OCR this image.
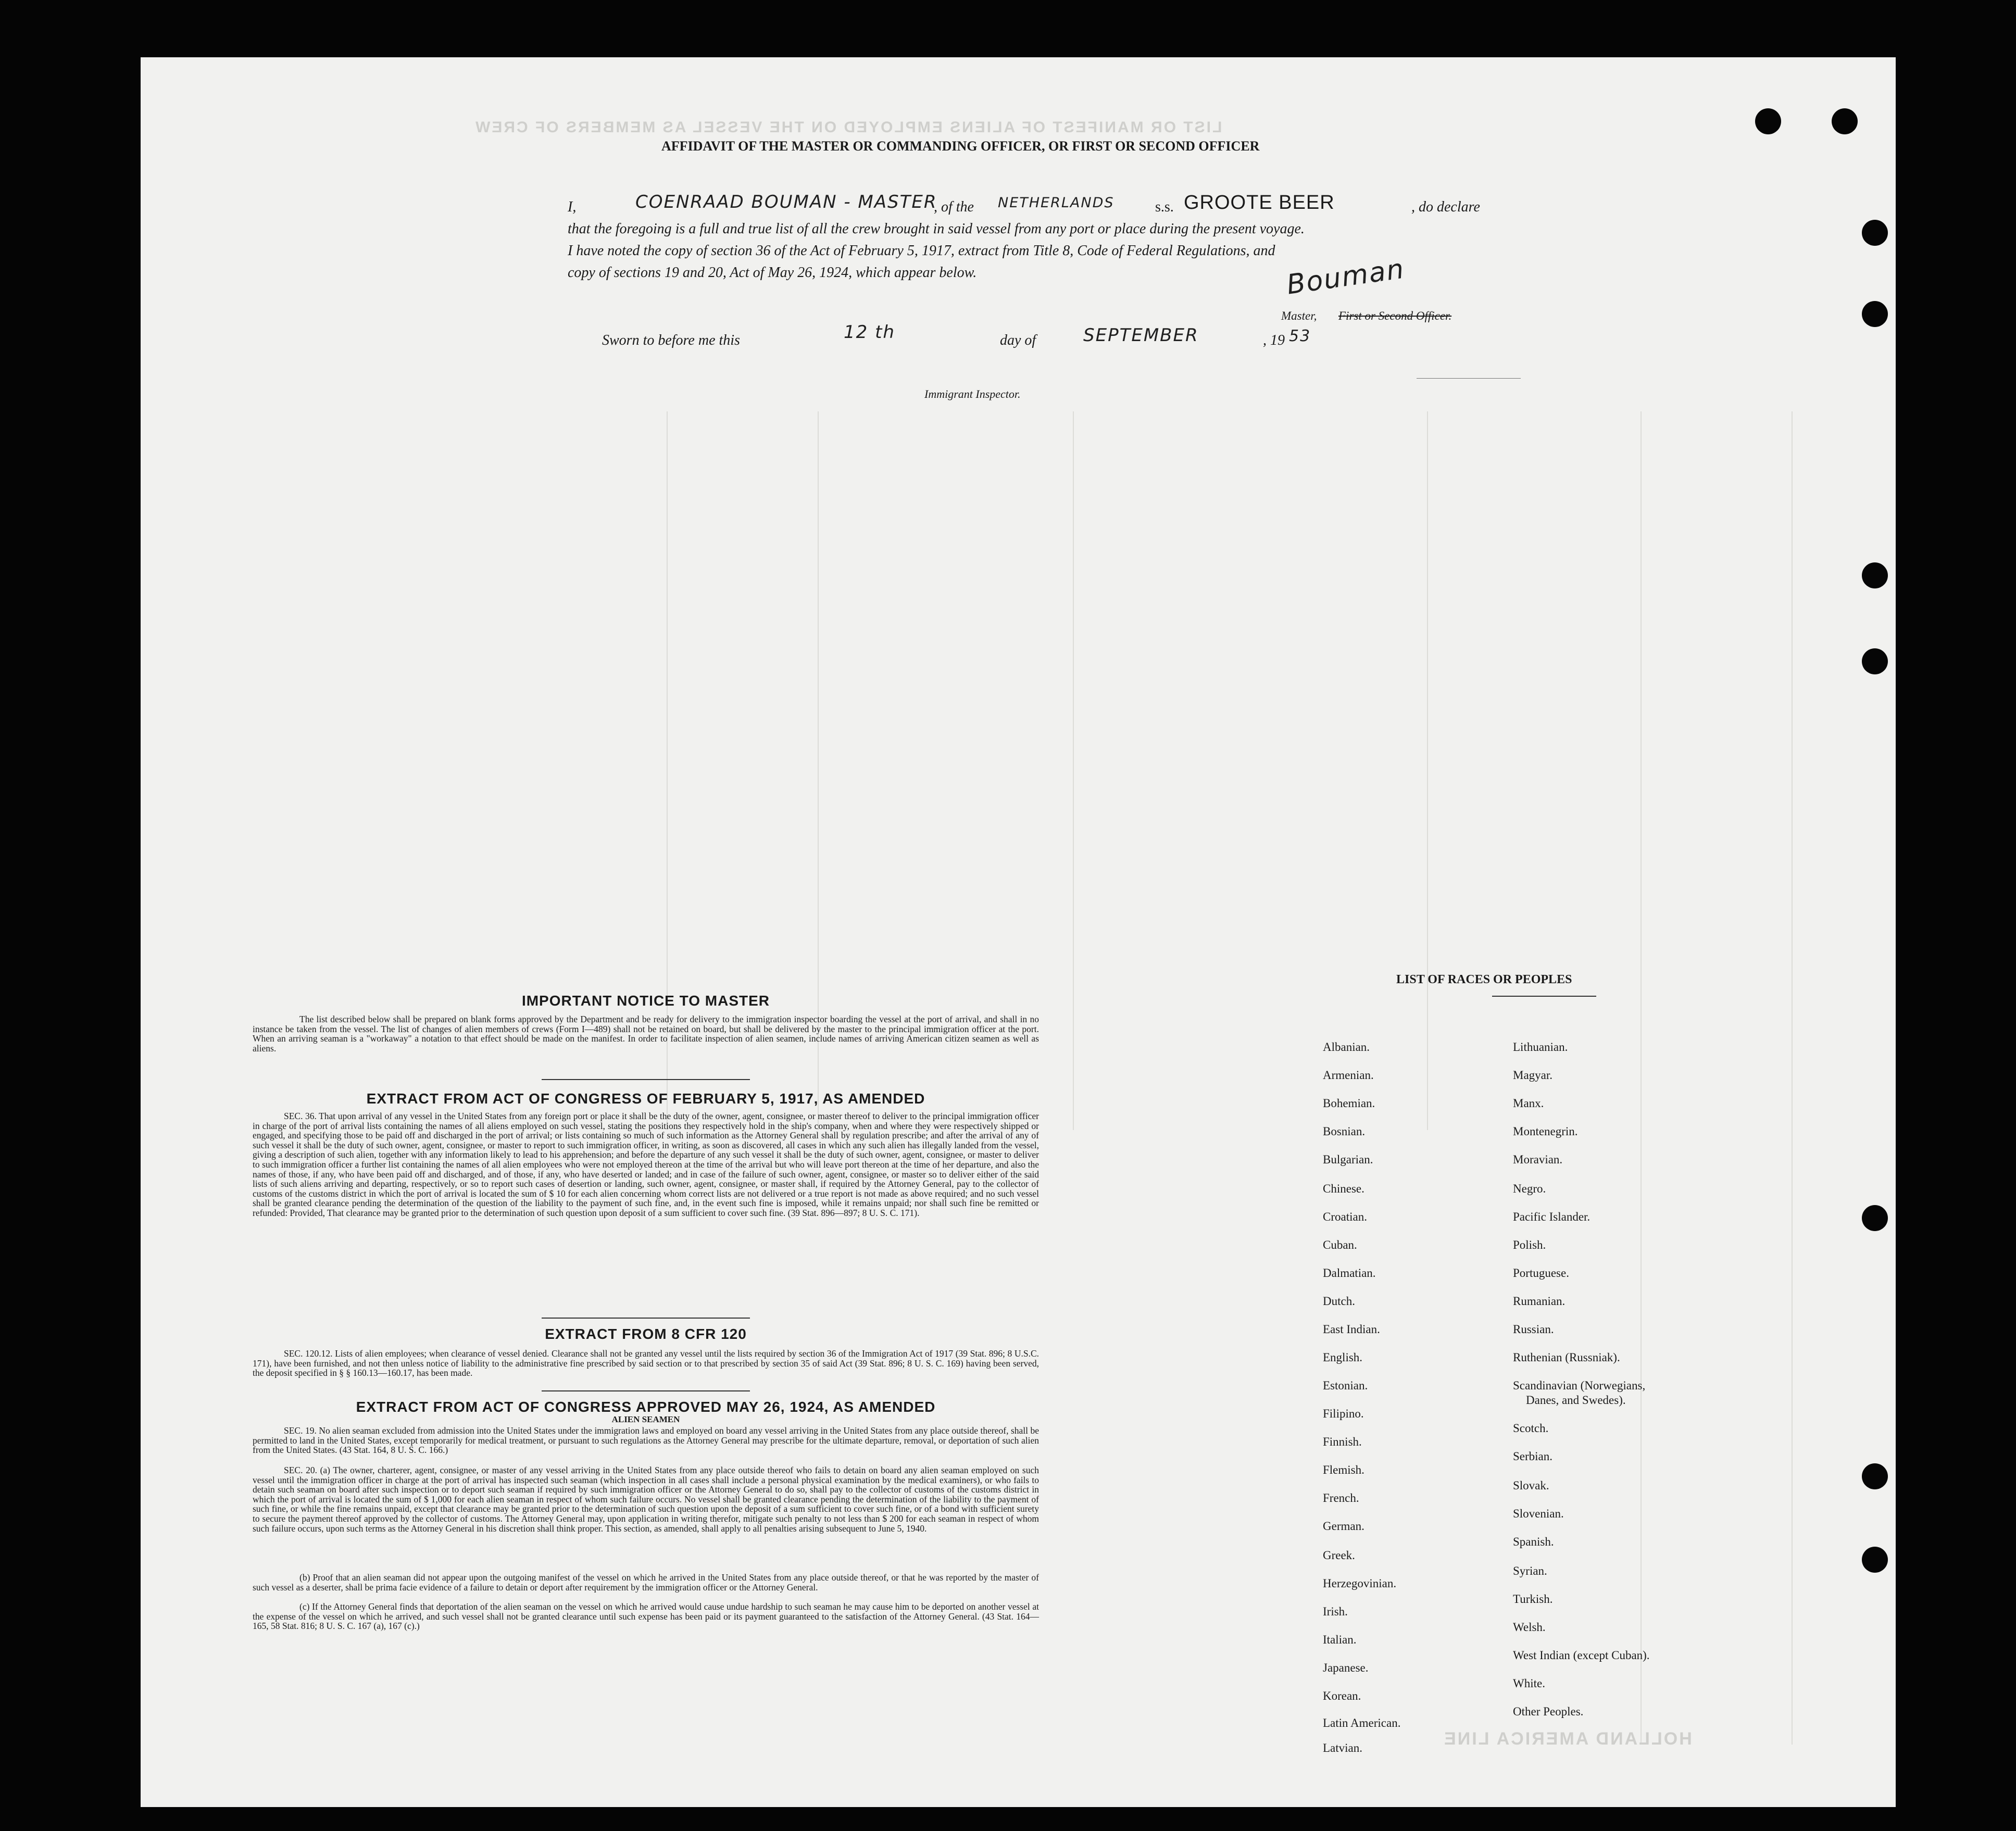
LIST OR MANIFEST OF ALIENS EMPLOYED ON THE VESSEL AS MEMBERS OF CREW
HOLLAND AMERICA LINE
AFFIDAVIT OF THE MASTER OR COMMANDING OFFICER, OR FIRST OR SECOND OFFICER
I,	COENRAAD BOUMAN - MASTER
, of the NETHERLANDS	s.s. GROOTE BEER	, do declare
that the foregoing is a full and true list of all the crew brought in said vessel from any port or place during the present voyage.
I have noted the copy of section 36 of the Act of February 5, 1917, extract from Title 8, Code of Federal Regulations, and
copy of sections 19 and 20, Act of May 26, 1924, which appear below.	Bouman
Master, First or Second Officer.
Sworn to before me this	12 th	day of	SEPTEMBER	, 19 53
Immigrant Inspector.
IMPORTANT NOTICE TO MASTER
The list described below shall be prepared on blank forms approved by the Department and be ready for delivery to the immigration inspector boarding the vessel at the port of arrival, and shall in no instance be taken from the vessel. The list of changes of alien members of crews (Form I—489) shall not be retained on board, but shall be delivered by the master to the principal immigration officer at the port. When an arriving seaman is a "workaway" a notation to that effect should be made on the manifest. In order to facilitate inspection of alien seamen, include names of arriving American citizen seamen as well as aliens.
EXTRACT FROM ACT OF CONGRESS OF FEBRUARY 5, 1917, AS AMENDED
SEC. 36. That upon arrival of any vessel in the United States from any foreign port or place it shall be the duty of the owner, agent, consignee, or master thereof to deliver to the principal immigration officer in charge of the port of arrival lists containing the names of all aliens employed on such vessel, stating the positions they respectively hold in the ship's company, when and where they were respectively shipped or engaged, and specifying those to be paid off and discharged in the port of arrival; or lists containing so much of such information as the Attorney General shall by regulation prescribe; and after the arrival of any of such vessel it shall be the duty of such owner, agent, consignee, or master to report to such immigration officer, in writing, as soon as discovered, all cases in which any such alien has illegally landed from the vessel, giving a description of such alien, together with any information likely to lead to his apprehension; and before the departure of any such vessel it shall be the duty of such owner, agent, consignee, or master to deliver to such immigration officer a further list containing the names of all alien employees who were not employed thereon at the time of the arrival but who will leave port thereon at the time of her departure, and also the names of those, if any, who have been paid off and discharged, and of those, if any, who have deserted or landed; and in case of the failure of such owner, agent, consignee, or master so to deliver either of the said lists of such aliens arriving and departing, respectively, or so to report such cases of desertion or landing, such owner, agent, consignee, or master shall, if required by the Attorney General, pay to the collector of customs of the customs district in which the port of arrival is located the sum of $ 10 for each alien concerning whom correct lists are not delivered or a true report is not made as above required; and no such vessel shall be granted clearance pending the determination of the question of the liability to the payment of such fine, and, in the event such fine is imposed, while it remains unpaid; nor shall such fine be remitted or refunded: Provided, That clearance may be granted prior to the determination of such question upon deposit of a sum sufficient to cover such fine. (39 Stat. 896—897; 8 U. S. C. 171).
EXTRACT FROM 8 CFR 120
SEC. 120.12. Lists of alien employees; when clearance of vessel denied. Clearance shall not be granted any vessel until the lists required by section 36 of the Immigration Act of 1917 (39 Stat. 896; 8 U.S.C. 171), have been furnished, and not then unless notice of liability to the administrative fine prescribed by said section or to that prescribed by section 35 of said Act (39 Stat. 896; 8 U. S. C. 169) having been served, the deposit specified in § § 160.13—160.17, has been made.
EXTRACT FROM ACT OF CONGRESS APPROVED MAY 26, 1924, AS AMENDED
ALIEN SEAMEN
SEC. 19. No alien seaman excluded from admission into the United States under the immigration laws and employed on board any vessel arriving in the United States from any place outside thereof, shall be permitted to land in the United States, except temporarily for medical treatment, or pursuant to such regulations as the Attorney General may prescribe for the ultimate departure, removal, or deportation of such alien from the United States. (43 Stat. 164, 8 U. S. C. 166.)
SEC. 20. (a) The owner, charterer, agent, consignee, or master of any vessel arriving in the United States from any place outside thereof who fails to detain on board any alien seaman employed on such vessel until the immigration officer in charge at the port of arrival has inspected such seaman (which inspection in all cases shall include a personal physical examination by the medical examiners), or who fails to detain such seaman on board after such inspection or to deport such seaman if required by such immigration officer or the Attorney General to do so, shall pay to the collector of customs of the customs district in which the port of arrival is located the sum of $ 1,000 for each alien seaman in respect of whom such failure occurs. No vessel shall be granted clearance pending the determination of the liability to the payment of such fine, or while the fine remains unpaid, except that clearance may be granted prior to the determination of such question upon the deposit of a sum sufficient to cover such fine, or of a bond with sufficient surety to secure the payment thereof approved by the collector of customs. The Attorney General may, upon application in writing therefor, mitigate such penalty to not less than $ 200 for each seaman in respect of whom such failure occurs, upon such terms as the Attorney General in his discretion shall think proper. This section, as amended, shall apply to all penalties arising subsequent to June 5, 1940.
(b) Proof that an alien seaman did not appear upon the outgoing manifest of the vessel on which he arrived in the United States from any place outside thereof, or that he was reported by the master of such vessel as a deserter, shall be prima facie evidence of a failure to detain or deport after requirement by the immigration officer or the Attorney General.
(c) If the Attorney General finds that deportation of the alien seaman on the vessel on which he arrived would cause undue hardship to such seaman he may cause him to be deported on another vessel at the expense of the vessel on which he arrived, and such vessel shall not be granted clearance until such expense has been paid or its payment guaranteed to the satisfaction of the Attorney General. (43 Stat. 164—165, 58 Stat. 816; 8 U. S. C. 167 (a), 167 (c).)
LIST OF RACES OR PEOPLES
Albanian.
Armenian.
Bohemian.
Bosnian.
Bulgarian.
Chinese.
Croatian.
Cuban.
Dalmatian.
Dutch.
East Indian.
English.
Estonian.
Filipino.
Finnish.
Flemish.
French.
German.
Greek.
Herzegovinian.
Irish.
Italian.
Japanese.
Korean.
Latin American.
Latvian.
Lithuanian.
Magyar.
Manx.
Montenegrin.
Moravian.
Negro.
Pacific Islander.
Polish.
Portuguese.
Rumanian.
Russian.
Ruthenian (Russniak).
Scandinavian (Norwegians,
Danes, and Swedes).
Scotch.
Serbian.
Slovak.
Slovenian.
Spanish.
Syrian.
Turkish.
Welsh.
West Indian (except Cuban).
White.
Other Peoples.
